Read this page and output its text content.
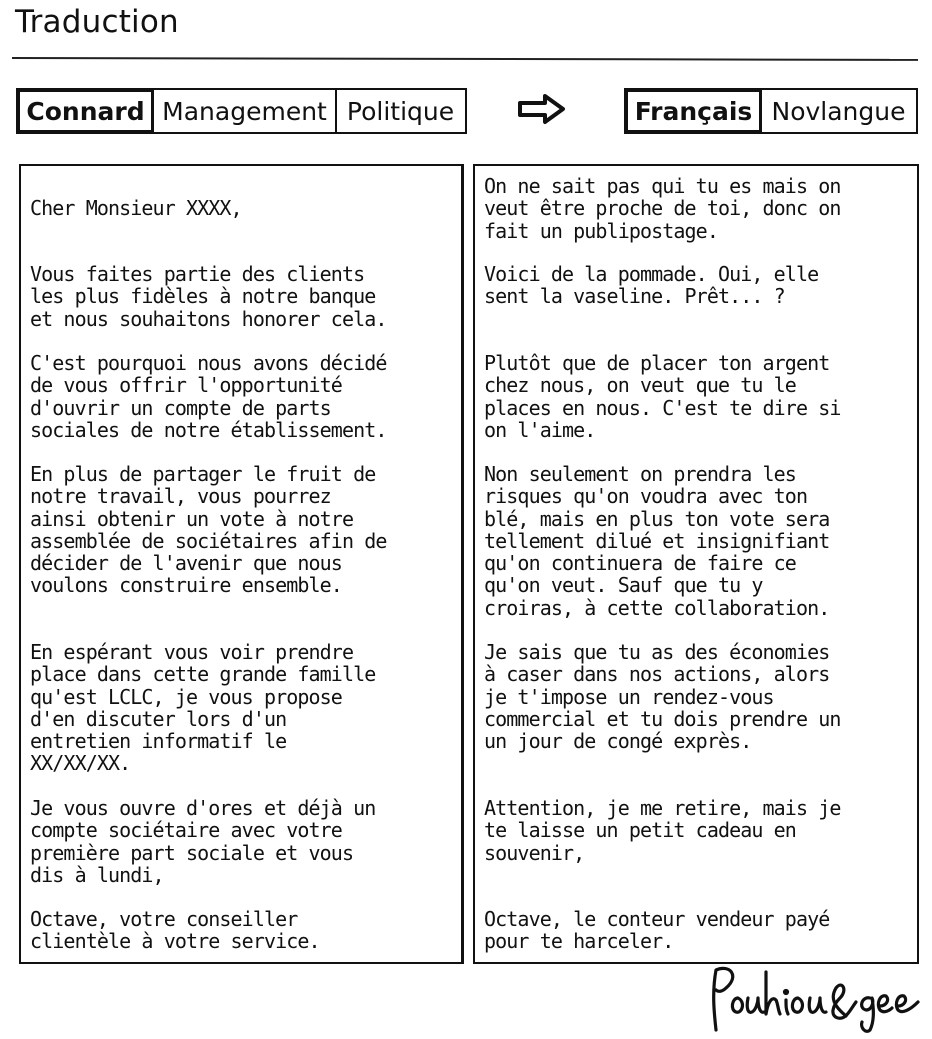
Traduction
Connard Management Politique	Français Novlangue
Cher Monsieur XXXX,
Vous faites partie des clients
les plus fidèles à notre banque
et nous souhaitons honorer cela.
C'est pourquoi nous avons décidé
de vous offrir l'opportunité
d'ouvrir un compte de parts
sociales de notre établissement.
En plus de partager le fruit de
notre travail, vous pourrez
ainsi obtenir un vote à notre
assemblée de sociétaires afin de
décider de l'avenir que nous
voulons construire ensemble.
En espérant vous voir prendre
place dans cette grande famille
qu'est LCLC, je vous propose
d'en discuter lors d'un
entretien informatif le
XX/XX/XX.
Je vous ouvre d'ores et déjà un
compte sociétaire avec votre
première part sociale et vous
dis à lundi,
Octave, votre conseiller
clientèle à votre service.
On ne sait pas qui tu es mais on
veut être proche de toi, donc on
fait un publipostage.
Voici de la pommade. Oui, elle
sent la vaseline. Prêt... ?
Plutôt que de placer ton argent
chez nous, on veut que tu le
places en nous. C'est te dire si
on l'aime.
Non seulement on prendra les
risques qu'on voudra avec ton
blé, mais en plus ton vote sera
tellement dilué et insignifiant
qu'on continuera de faire ce
qu'on veut. Sauf que tu y
croiras, à cette collaboration.
Je sais que tu as des économies
à caser dans nos actions, alors
je t'impose un rendez-vous
commercial et tu dois prendre un
un jour de congé exprès.
Attention, je me retire, mais je
te laisse un petit cadeau en
souvenir,
Octave, le conteur vendeur payé
pour te harceler.
